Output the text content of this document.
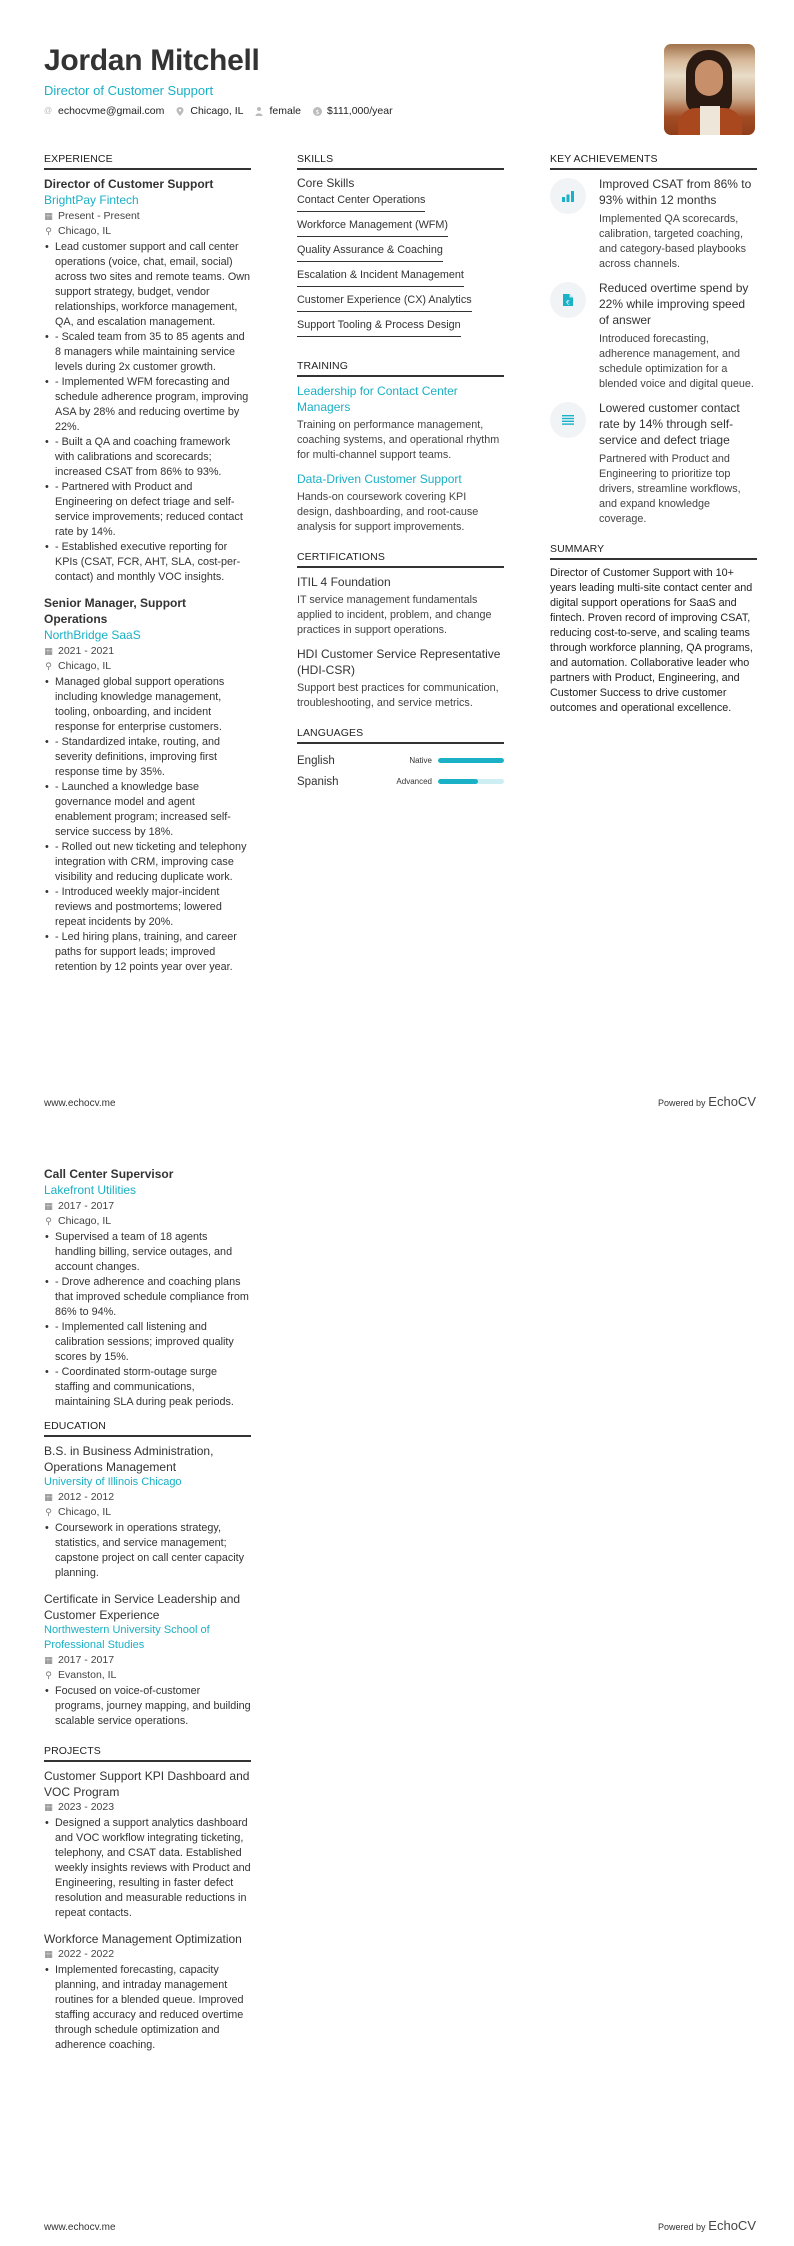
Jordan Mitchell
Director of Customer Support
@ echocvme@gmail.com Chicago, IL female $ $111,000/year
EXPERIENCE
Director of Customer Support
BrightPay Fintech
▦ Present - Present
⚲ Chicago, IL
• Lead customer support and call center operations (voice, chat, email, social) across two sites and remote teams. Own support strategy, budget, vendor relationships, workforce management, QA, and escalation management.
• - Scaled team from 35 to 85 agents and 8 managers while maintaining service levels during 2x customer growth.
• - Implemented WFM forecasting and schedule adherence program, improving ASA by 28% and reducing overtime by 22%.
• - Built a QA and coaching framework with calibrations and scorecards; increased CSAT from 86% to 93%.
• - Partnered with Product and Engineering on defect triage and self-service improvements; reduced contact rate by 14%.
• - Established executive reporting for KPIs (CSAT, FCR, AHT, SLA, cost-per-contact) and monthly VOC insights.
Senior Manager, Support Operations
NorthBridge SaaS
▦ 2021 - 2021
⚲ Chicago, IL
• Managed global support operations including knowledge management, tooling, onboarding, and incident response for enterprise customers.
• - Standardized intake, routing, and severity definitions, improving first response time by 35%.
• - Launched a knowledge base governance model and agent enablement program; increased self-service success by 18%.
• - Rolled out new ticketing and telephony integration with CRM, improving case visibility and reducing duplicate work.
• - Introduced weekly major-incident reviews and postmortems; lowered repeat incidents by 20%.
• - Led hiring plans, training, and career paths for support leads; improved retention by 12 points year over year.
SKILLS
Core Skills
Contact Center Operations
Workforce Management (WFM)
Quality Assurance & Coaching
Escalation & Incident Management
Customer Experience (CX) Analytics
Support Tooling & Process Design
TRAINING
Leadership for Contact Center Managers
Training on performance management, coaching systems, and operational rhythm for multi-channel support teams.
Data-Driven Customer Support
Hands-on coursework covering KPI design, dashboarding, and root-cause analysis for support improvements.
CERTIFICATIONS
ITIL 4 Foundation
IT service management fundamentals applied to incident, problem, and change practices in support operations.
HDI Customer Service Representative (HDI-CSR)
Support best practices for communication, troubleshooting, and service metrics.
LANGUAGES
English	Native
Spanish	Advanced
KEY ACHIEVEMENTS
Improved CSAT from 86% to 93% within 12 months
Implemented QA scorecards, calibration, targeted coaching, and category-based playbooks across channels.
€
Reduced overtime spend by 22% while improving speed of answer
Introduced forecasting, adherence management, and schedule optimization for a blended voice and digital queue.
Lowered customer contact rate by 14% through self-service and defect triage
Partnered with Product and Engineering to prioritize top drivers, streamline workflows, and expand knowledge coverage.
SUMMARY
Director of Customer Support with 10+ years leading multi-site contact center and digital support operations for SaaS and fintech. Proven record of improving CSAT, reducing cost-to-serve, and scaling teams through workforce planning, QA programs, and automation. Collaborative leader who partners with Product, Engineering, and Customer Success to drive customer outcomes and operational excellence.
www.echocv.me	Powered by EchoCV
Call Center Supervisor
Lakefront Utilities
▦ 2017 - 2017
⚲ Chicago, IL
• Supervised a team of 18 agents handling billing, service outages, and account changes.
• - Drove adherence and coaching plans that improved schedule compliance from 86% to 94%.
• - Implemented call listening and calibration sessions; improved quality scores by 15%.
• - Coordinated storm-outage surge staffing and communications, maintaining SLA during peak periods.
EDUCATION
B.S. in Business Administration, Operations Management
University of Illinois Chicago
▦ 2012 - 2012
⚲ Chicago, IL
• Coursework in operations strategy, statistics, and service management; capstone project on call center capacity planning.
Certificate in Service Leadership and Customer Experience
Northwestern University School of Professional Studies
▦ 2017 - 2017
⚲ Evanston, IL
• Focused on voice-of-customer programs, journey mapping, and building scalable service operations.
PROJECTS
Customer Support KPI Dashboard and VOC Program
▦ 2023 - 2023
• Designed a support analytics dashboard and VOC workflow integrating ticketing, telephony, and CSAT data. Established weekly insights reviews with Product and Engineering, resulting in faster defect resolution and measurable reductions in repeat contacts.
Workforce Management Optimization
▦ 2022 - 2022
• Implemented forecasting, capacity planning, and intraday management routines for a blended queue. Improved staffing accuracy and reduced overtime through schedule optimization and adherence coaching.
www.echocv.me	Powered by EchoCV
